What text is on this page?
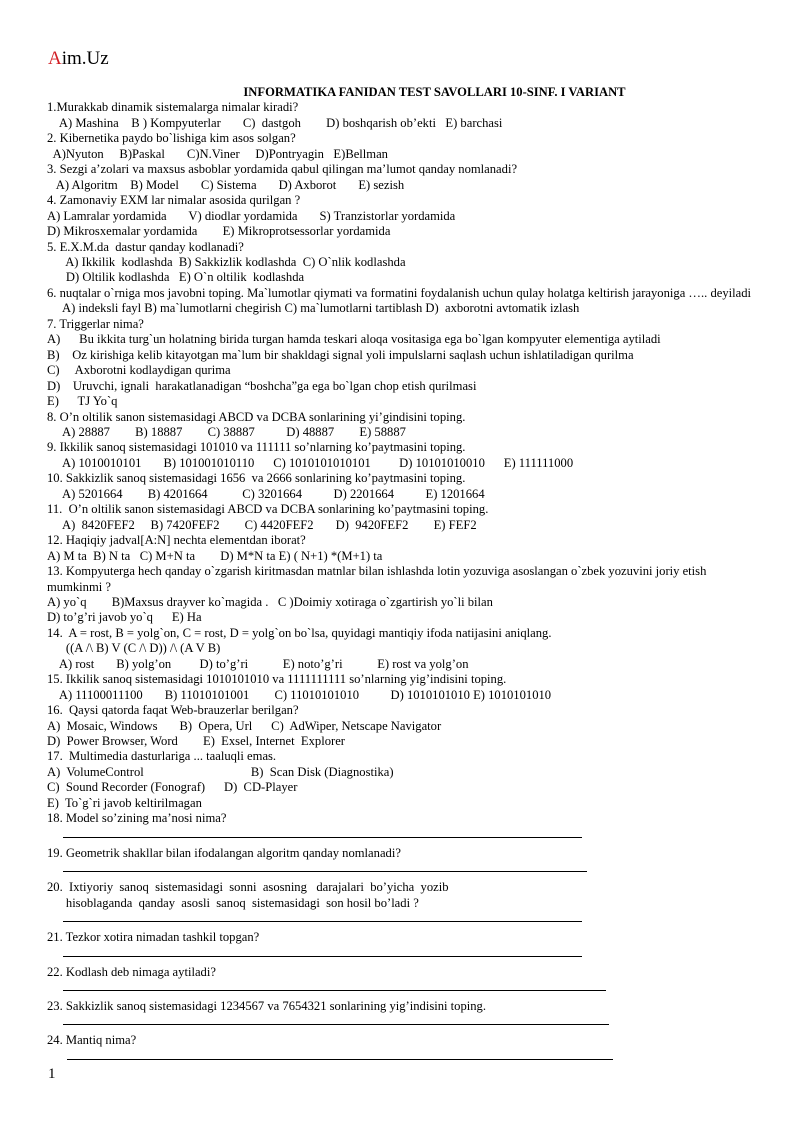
Aim.Uz
INFORMATIKA FANIDAN TEST SAVOLLARI 10-SINF. I VARIANT
1.Murakkab dinamik sistemalarga nimalar kiradi?
A) Mashina    B ) Kompyuterlar       C)  dastgoh        D) boshqarish ob’ekti   E) barchasi
2. Kibernetika paydo bo`lishiga kim asos solgan?
A)Nyuton     B)Paskal       C)N.Viner     D)Pontryagin   E)Bellman
3. Sezgi a’zolari va maxsus asboblar yordamida qabul qilingan ma’lumot qanday nomlanadi?
A) Algoritm    B) Model       C) Sistema       D) Axborot       E) sezish
4. Zamonaviy EXM lar nimalar asosida qurilgan ?
A) Lamralar yordamida       V) diodlar yordamida       S) Tranzistorlar yordamida
D) Mikrosxemalar yordamida        E) Mikroprotsessorlar yordamida
5. E.X.M.da  dastur qanday kodlanadi?
A) Ikkilik  kodlashda  B) Sakkizlik kodlashda  C) O`nlik kodlashda
D) Oltilik kodlashda   E) O`n oltilik  kodlashda
6. nuqtalar o`rniga mos javobni toping. Ma`lumotlar qiymati va formatini foydalanish uchun qulay holatga keltirish jarayoniga ….. deyiladi
A) indeksli fayl B) ma`lumotlarni chegirish C) ma`lumotlarni tartiblash D)  axborotni avtomatik izlash
7. Triggerlar nima?
A)      Bu ikkita turg`un holatning birida turgan hamda teskari aloqa vositasiga ega bo`lgan kompyuter elementiga aytiladi
B)    Oz kirishiga kelib kitayotgan ma`lum bir shakldagi signal yoli impulslarni saqlash uchun ishlatiladigan qurilma
C)     Axborotni kodlaydigan qurima
D)    Uruvchi, ignali  harakatlanadigan “boshcha”ga ega bo`lgan chop etish qurilmasi
E)      TJ Yo`q
8. O’n oltilik sanon sistemasidagi ABCD va DCBA sonlarining yi’gindisini toping.
A) 28887        B) 18887        C) 38887          D) 48887        E) 58887
9. Ikkilik sanoq sistemasidagi 101010 va 111111 so’nlarning ko’paytmasini toping.
A) 1010010101       B) 101001010110      C) 1010101010101         D) 10101010010      E) 111111000
10. Sakkizlik sanoq sistemasidagi 1656  va 2666 sonlarining ko’paytmasini toping.
A) 5201664        B) 4201664           C) 3201664          D) 2201664          E) 1201664
11.  O’n oltilik sanon sistemasidagi ABCD va DCBA sonlarining ko’paytmasini toping.
A)  8420FEF2     B) 7420FEF2        C) 4420FEF2       D)  9420FEF2        E) FEF2
12. Haqiqiy jadval[A:N] nechta elementdan iborat?
A) M ta  B) N ta   C) M+N ta        D) M*N ta E) ( N+1) *(M+1) ta
13. Kompyuterga hech qanday o`zgarish kiritmasdan matnlar bilan ishlashda lotin yozuviga asoslangan o`zbek yozuvini joriy etish mumkinmi ?
A) yo`q        B)Maxsus drayver ko`magida .   C )Doimiy xotiraga o`zgartirish yo`li bilan
D) to’g’ri javob yo`q      E) Ha
14.  A = rost, B = yolg`on, C = rost, D = yolg`on bo`lsa, quyidagi mantiqiy ifoda natijasini aniqlang.
((A /\ B) V (C /\ D)) /\ (A V B)
A) rost       B) yolg’on         D) to’g’ri           E) noto’g’ri           E) rost va yolg’on
15. Ikkilik sanoq sistemasidagi 1010101010 va 1111111111 so’nlarning yig’indisini toping.
A) 11100011100       B) 11010101001        C) 11010101010          D) 1010101010 E) 1010101010
16.  Qaysi qatorda faqat Web-brauzerlar berilgan?
A)  Mosaic, Windows       B)  Opera, Url      C)  AdWiper, Netscape Navigator
D)  Power Browser, Word        E)  Exsel, Internet  Explorer
17.  Multimedia dasturlariga ... taaluqli emas.
A)  VolumeControl                                  B)  Scan Disk (Diagnostika)
C)  Sound Recorder (Fonograf)      D)  CD-Player
E)  To`g`ri javob keltirilmagan
18. Model so’zining ma’nosi nima?
19. Geometrik shakllar bilan ifodalangan algoritm qanday nomlanadi?
20.  Ixtiyoriy  sanoq  sistemasidagi  sonni  asosning   darajalari  bo’yicha  yozib
hisoblaganda  qanday  asosli  sanoq  sistemasidagi  son hosil bo’ladi ?
21. Tezkor xotira nimadan tashkil topgan?
22. Kodlash deb nimaga aytiladi?
23. Sakkizlik sanoq sistemasidagi 1234567 va 7654321 sonlarining yig’indisini toping.
24. Mantiq nima?
1
